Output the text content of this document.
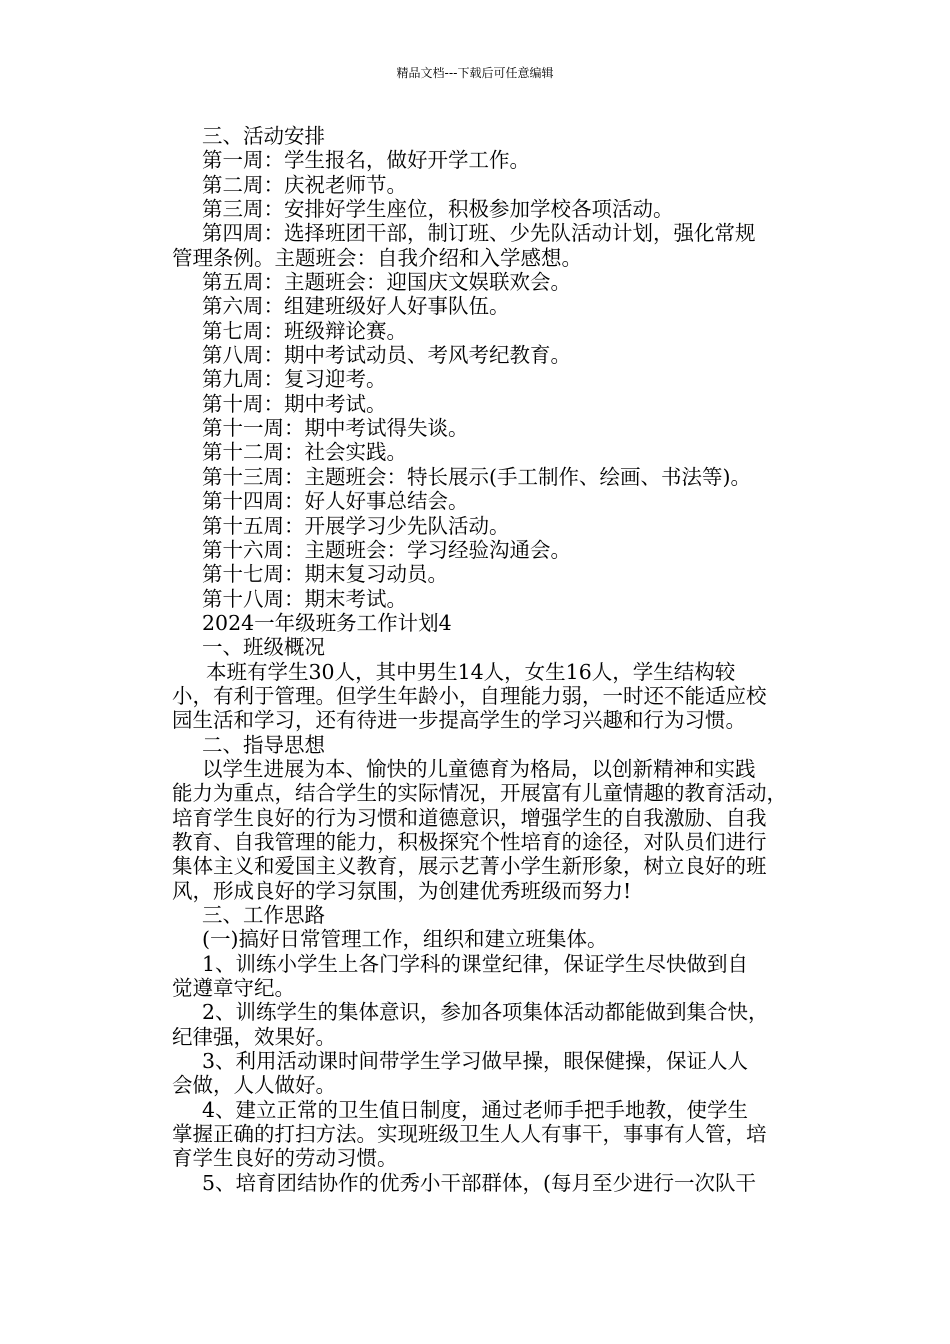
精品文档---下载后可任意编辑
三、活动安排
第一周：学生报名，做好开学工作。
第二周：庆祝老师节。
第三周：安排好学生座位，积极参加学校各项活动。
第四周：选择班团干部，制订班、少先队活动计划，强化常规
管理条例。主题班会：自我介绍和入学感想。
第五周：主题班会：迎国庆文娱联欢会。
第六周：组建班级好人好事队伍。
第七周：班级辩论赛。
第八周：期中考试动员、考风考纪教育。
第九周：复习迎考。
第十周：期中考试。
第十一周：期中考试得失谈。
第十二周：社会实践。
第十三周：主题班会：特长展示(手工制作、绘画、书法等)。
第十四周：好人好事总结会。
第十五周：开展学习少先队活动。
第十六周：主题班会：学习经验沟通会。
第十七周：期末复习动员。
第十八周：期末考试。
2024一年级班务工作计划4
一、班级概况
本班有学生30人，其中男生14人，女生16人，学生结构较
小，有利于管理。但学生年龄小，自理能力弱，一时还不能适应校
园生活和学习，还有待进一步提高学生的学习兴趣和行为习惯。
二、指导思想
以学生进展为本、愉快的儿童德育为格局，以创新精神和实践
能力为重点，结合学生的实际情况，开展富有儿童情趣的教育活动，
培育学生良好的行为习惯和道德意识，增强学生的自我激励、自我
教育、自我管理的能力，积极探究个性培育的途径，对队员们进行
集体主义和爱国主义教育，展示艺菁小学生新形象，树立良好的班
风，形成良好的学习氛围，为创建优秀班级而努力!
三、工作思路
(一)搞好日常管理工作，组织和建立班集体。
1、训练小学生上各门学科的课堂纪律，保证学生尽快做到自
觉遵章守纪。
2、训练学生的集体意识，参加各项集体活动都能做到集合快，
纪律强，效果好。
3、利用活动课时间带学生学习做早操，眼保健操，保证人人
会做，人人做好。
4、建立正常的卫生值日制度，通过老师手把手地教，使学生
掌握正确的打扫方法。实现班级卫生人人有事干，事事有人管，培
育学生良好的劳动习惯。
5、培育团结协作的优秀小干部群体，(每月至少进行一次队干
